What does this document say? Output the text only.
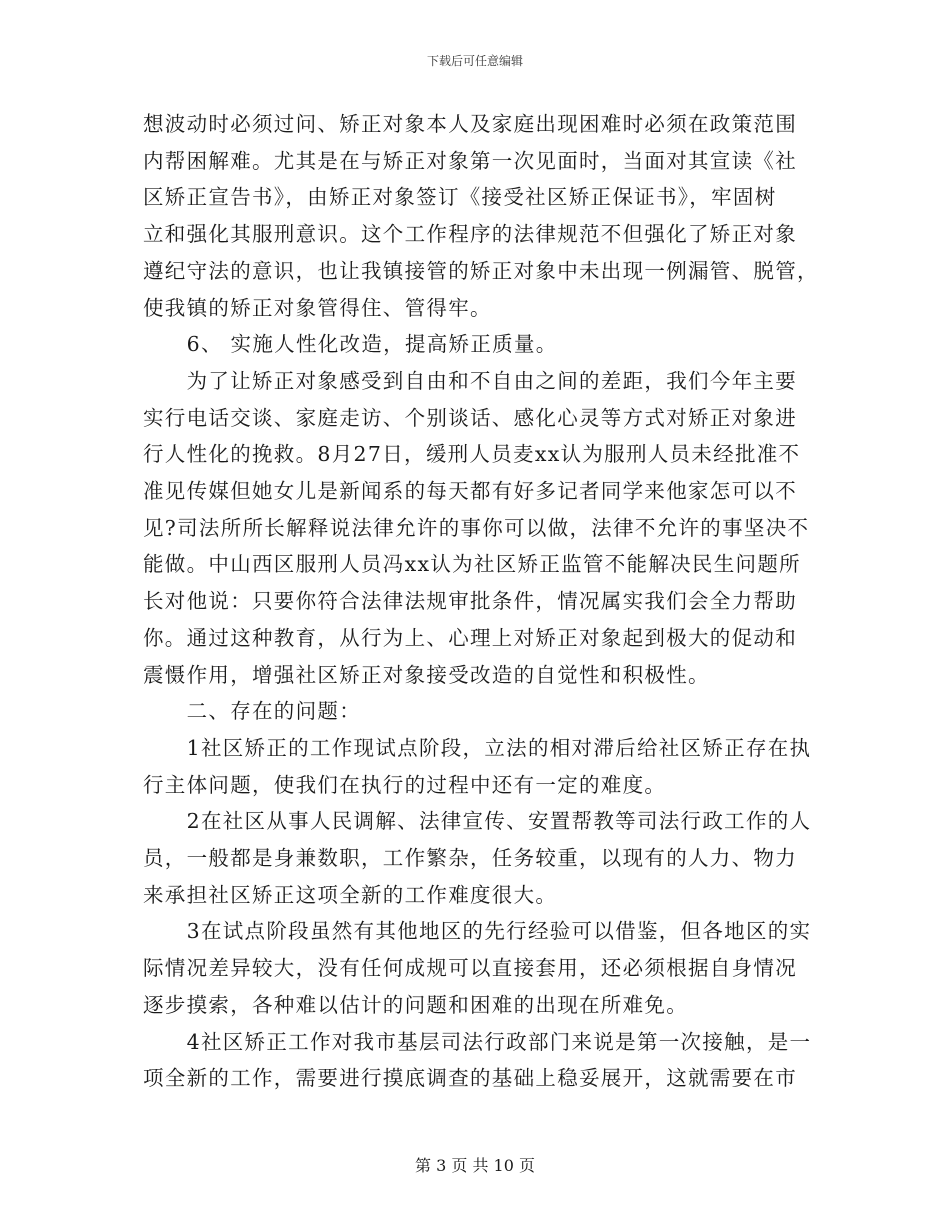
下载后可任意编辑

想波动时必须过问、矫正对象本人及家庭出现困难时必须在政策范围

内帮困解难。尤其是在与矫正对象第一次见面时，当面对其宣读《社

区矫正宣告书》，由矫正对象签订《接受社区矫正保证书》，牢固树

立和强化其服刑意识。这个工作程序的法律规范不但强化了矫正对象

遵纪守法的意识，也让我镇接管的矫正对象中未出现一例漏管、脱管，

使我镇的矫正对象管得住、管得牢。

　　6、 实施人性化改造，提高矫正质量。

　　为了让矫正对象感受到自由和不自由之间的差距，我们今年主要

实行电话交谈、家庭走访、个别谈话、感化心灵等方式对矫正对象进

行人性化的挽救。8月27日，缓刑人员麦xx认为服刑人员未经批准不

准见传媒但她女儿是新闻系的每天都有好多记者同学来他家怎可以不

见?司法所所长解释说法律允许的事你可以做，法律不允许的事坚决不

能做。中山西区服刑人员冯xx认为社区矫正监管不能解决民生问题所

长对他说：只要你符合法律法规审批条件，情况属实我们会全力帮助

你。通过这种教育，从行为上、心理上对矫正对象起到极大的促动和

震慑作用，增强社区矫正对象接受改造的自觉性和积极性。

　　二、存在的问题：

　　1社区矫正的工作现试点阶段，立法的相对滞后给社区矫正存在执

行主体问题，使我们在执行的过程中还有一定的难度。

　　2在社区从事人民调解、法律宣传、安置帮教等司法行政工作的人

员，一般都是身兼数职，工作繁杂，任务较重，以现有的人力、物力

来承担社区矫正这项全新的工作难度很大。

　　3在试点阶段虽然有其他地区的先行经验可以借鉴，但各地区的实

际情况差异较大，没有任何成规可以直接套用，还必须根据自身情况

逐步摸索，各种难以估计的问题和困难的出现在所难免。

　　4社区矫正工作对我市基层司法行政部门来说是第一次接触，是一

项全新的工作，需要进行摸底调查的基础上稳妥展开，这就需要在市

第 3 页 共 10 页
